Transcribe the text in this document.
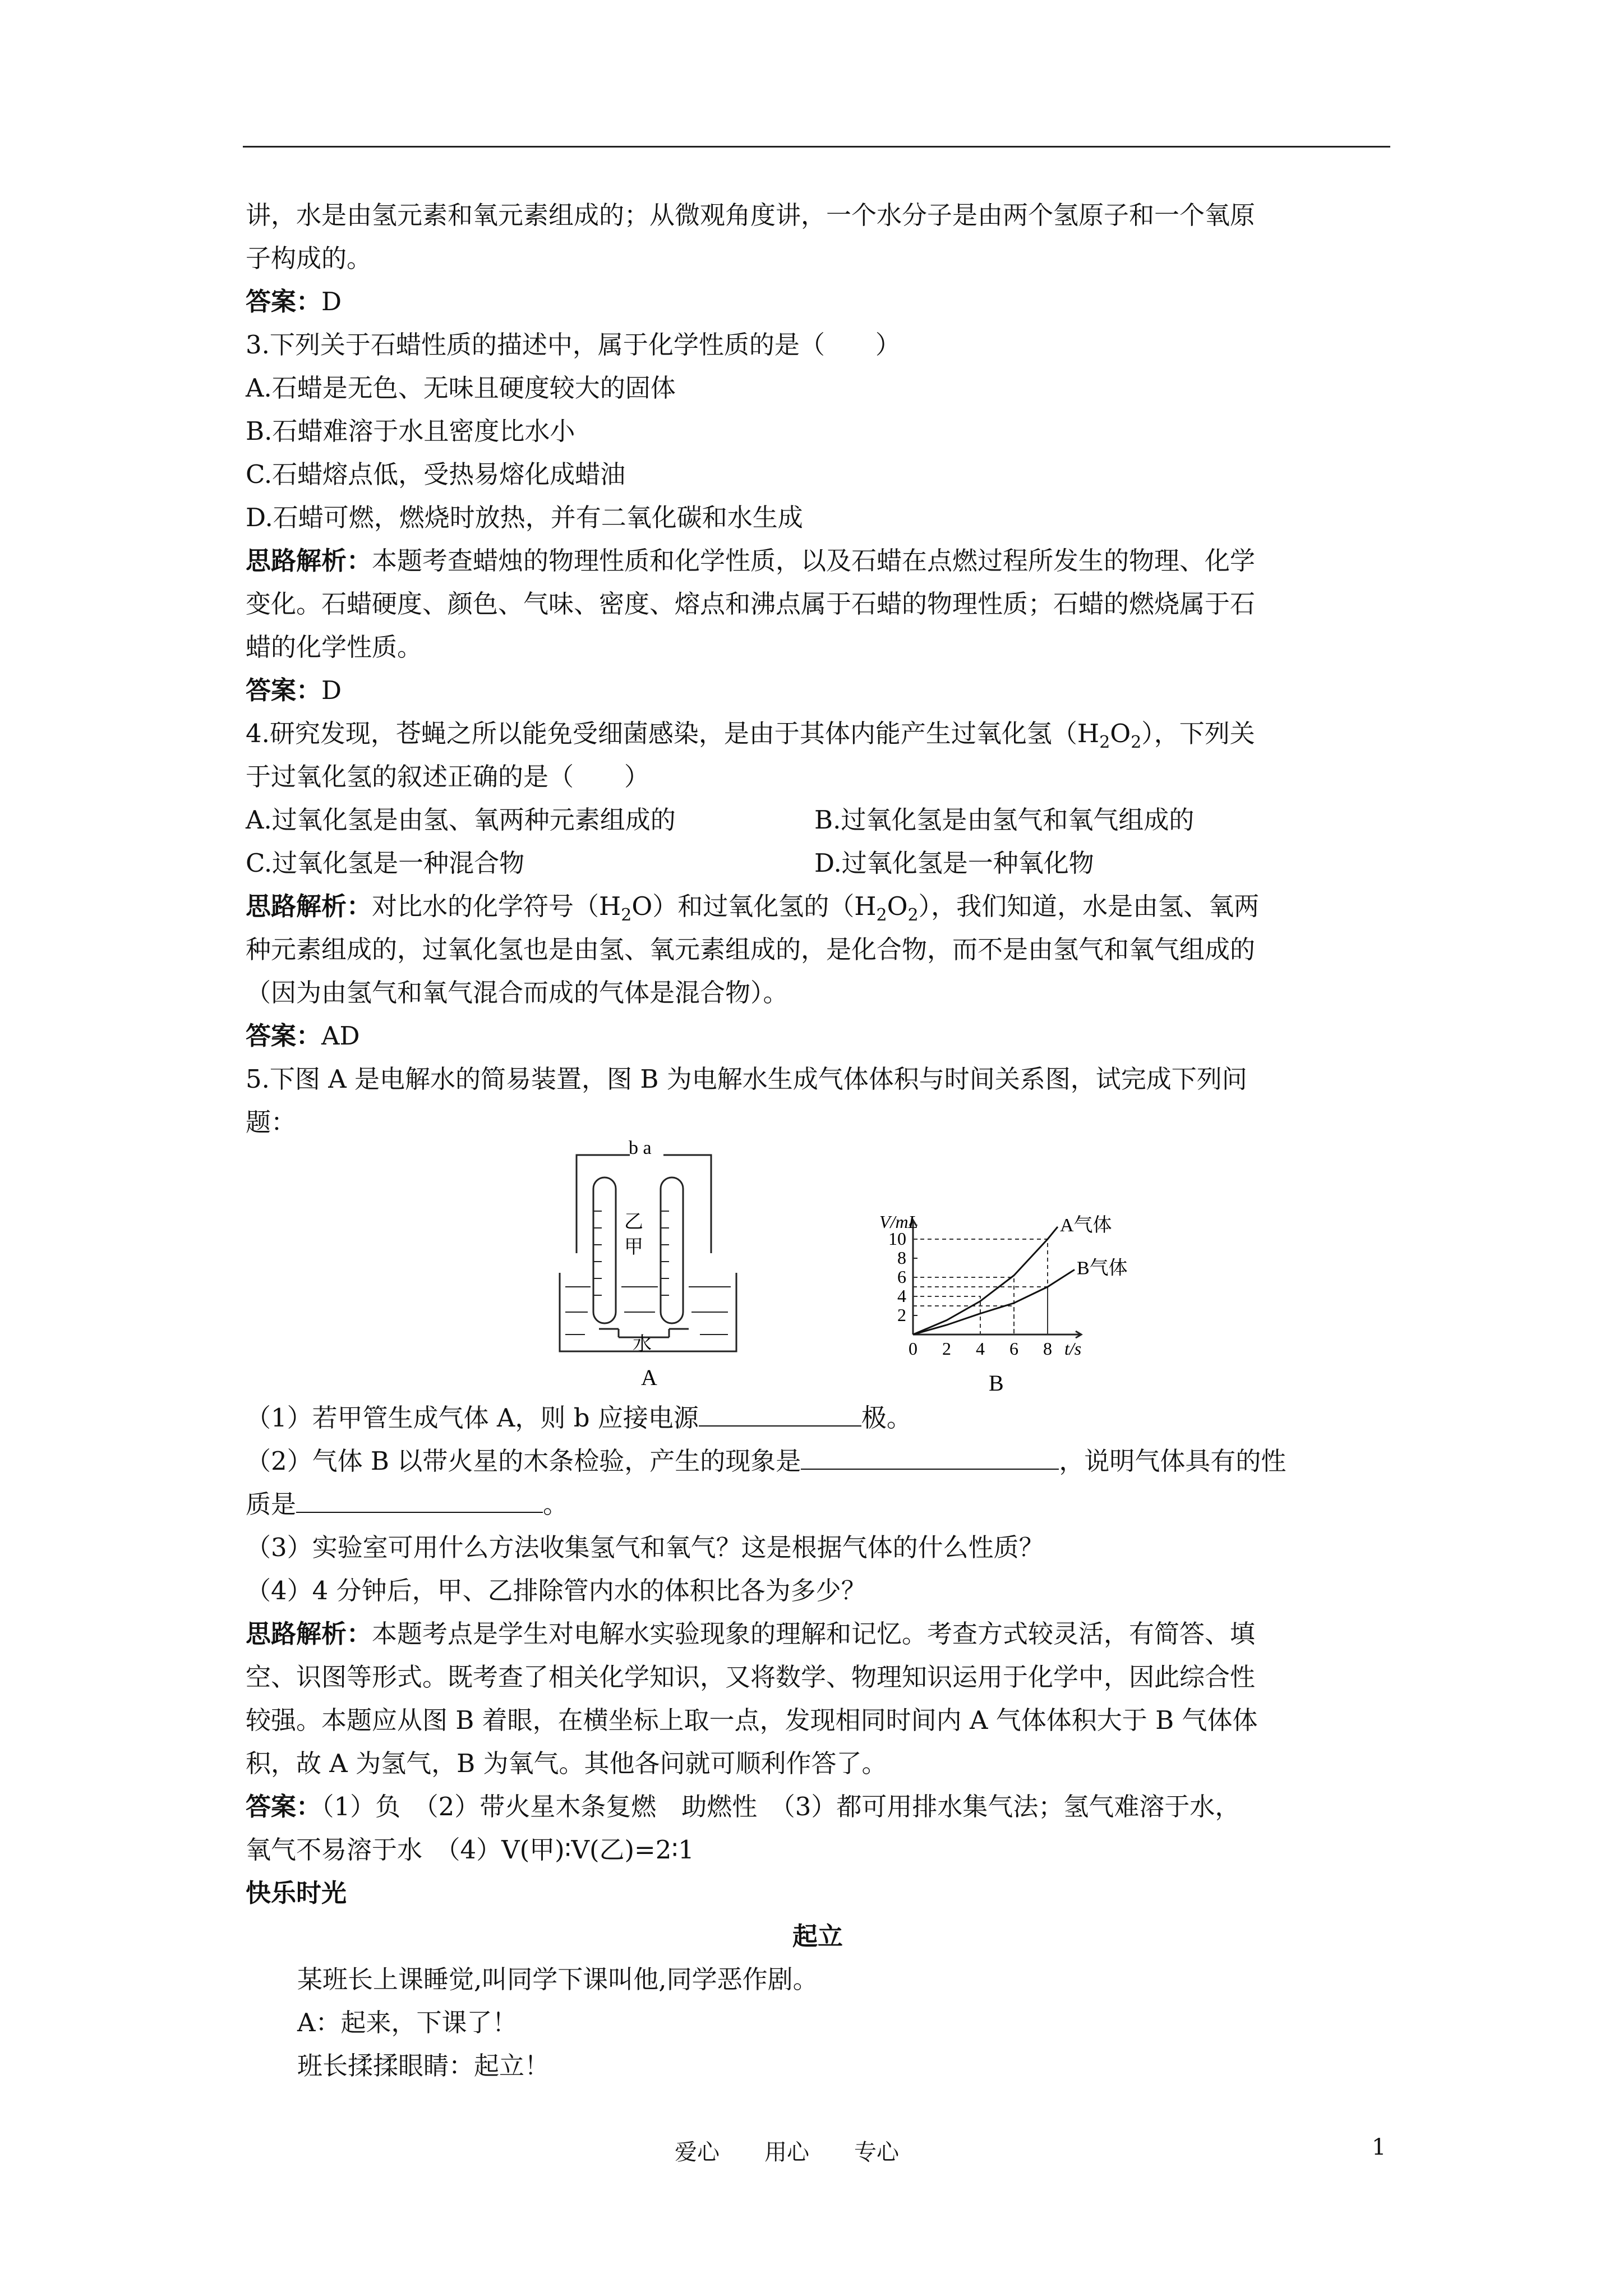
讲，水是由氢元素和氧元素组成的；从微观角度讲，一个水分子是由两个氢原子和一个氧原

子构成的。

答案：D

3.下列关于石蜡性质的描述中，属于化学性质的是（　　）

A.石蜡是无色、无味且硬度较大的固体

B.石蜡难溶于水且密度比水小

C.石蜡熔点低，受热易熔化成蜡油

D.石蜡可燃，燃烧时放热，并有二氧化碳和水生成

思路解析：本题考查蜡烛的物理性质和化学性质，以及石蜡在点燃过程所发生的物理、化学

变化。石蜡硬度、颜色、气味、密度、熔点和沸点属于石蜡的物理性质；石蜡的燃烧属于石

蜡的化学性质。

答案：D

4.研究发现，苍蝇之所以能免受细菌感染，是由于其体内能产生过氧化氢$(H_2O_2)$，下列关

于过氧化氢的叙述正确的是（　　）

A.过氧化氢是由氢、氧两种元素组成的	B.过氧化氢是由氢气和氧气组成的

C.过氧化氢是一种混合物	D.过氧化氢是一种氧化物

思路解析：对比水的化学符号$(H_2O)$和过氧化氢的$(H_2O_2)$，我们知道，水是由氢、氧两

种元素组成的，过氧化氢也是由氢、氧元素组成的，是化合物，而不是由氢气和氧气组成的

（因为由氢气和氧气混合而成的气体是混合物）。

答案：AD

5.下图 A 是电解水的简易装置，图 B 为电解水生成气体体积与时间关系图，试完成下列问

题：

b a
乙
甲
水
A
0 2 4 6 8
2
4
6
8
10
A气体
B气体
V/mL
t/s
B

（1）若甲管生成气体 A，则 b 应接电源	极。

（2）气体 B 以带火星的木条检验，产生的现象是	，说明气体具有的性

质是	。

（3）实验室可用什么方法收集氢气和氧气？这是根据气体的什么性质？

（4）4 分钟后，甲、乙排除管内水的体积比各为多少？

思路解析：本题考点是学生对电解水实验现象的理解和记忆。考查方式较灵活，有简答、填

空、识图等形式。既考查了相关化学知识，又将数学、物理知识运用于化学中，因此综合性

较强。本题应从图 B 着眼，在横坐标上取一点，发现相同时间内 A 气体体积大于 B 气体体

积，故 A 为氢气，B 为氧气。其他各问就可顺利作答了。

答案：（1）负　（2）带火星木条复燃　助燃性　（3）都可用排水集气法；氢气难溶于水，

氧气不易溶于水　（4）V(甲)∶V(乙)=2∶1

快乐时光

起立

某班长上课睡觉,叫同学下课叫他,同学恶作剧。

A：起来，下课了！

班长揉揉眼睛：起立！

爱心　　用心　　专心	1
